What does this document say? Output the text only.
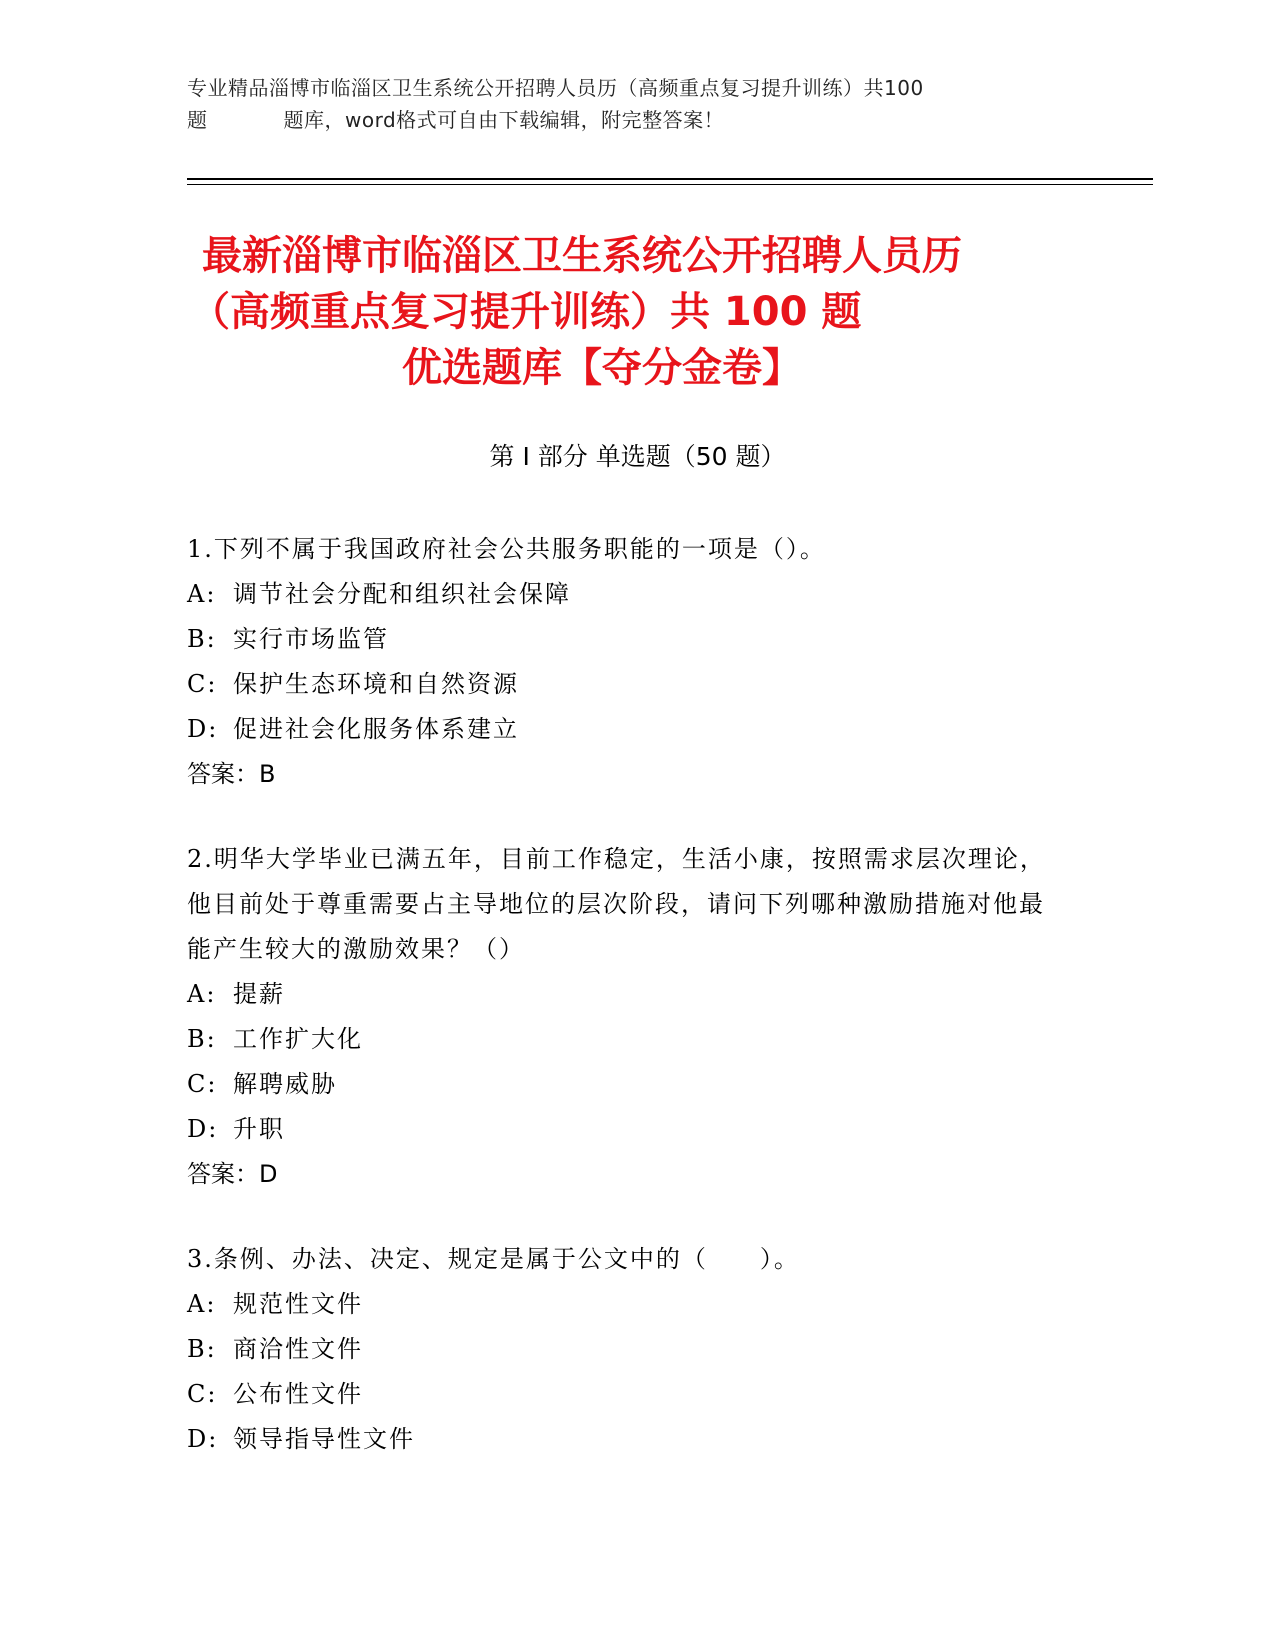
专业精品淄博市临淄区卫生系统公开招聘人员历（高频重点复习提升训练）共100
题	题库，word格式可自由下载编辑，附完整答案！
最新淄博市临淄区卫生系统公开招聘人员历
（高频重点复习提升训练）共 100 题
优选题库【夺分金卷】
第 I 部分 单选题（50 题）

1.下列不属于我国政府社会公共服务职能的一项是（）。

A: 调节社会分配和组织社会保障

B: 实行市场监管

C: 保护生态环境和自然资源

D: 促进社会化服务体系建立

答案：B

2.明华大学毕业已满五年，目前工作稳定，生活小康，按照需求层次理论，他目前处于尊重需要占主导地位的层次阶段，请问下列哪种激励措施对他最能产生较大的激励效果？（）

A: 提薪

B: 工作扩大化

C: 解聘威胁

D: 升职

答案：D

3.条例、办法、决定、规定是属于公文中的（　　）。

A: 规范性文件

B: 商洽性文件

C: 公布性文件

D: 领导指导性文件
